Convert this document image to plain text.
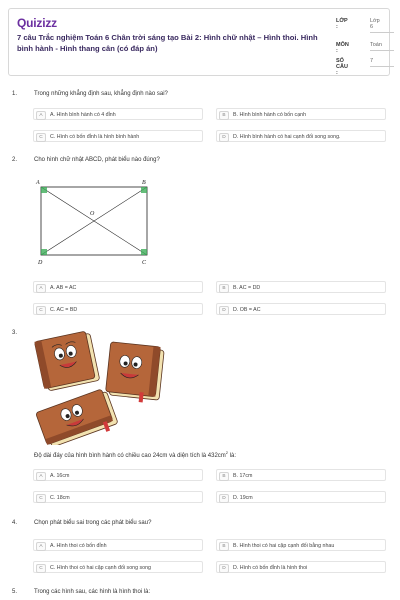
Quizizz
7 câu Trắc nghiệm Toán 6 Chân trời sáng tạo Bài 2: Hình chữ nhật – Hình thoi. Hình bình hành - Hình thang cân (có đáp án)
LỚP :
Lớp
6
MÔN :
Toán
SỐ CÂU :
7
1.	Trong những khẳng định sau, khẳng định nào sai?
A	A. Hình bình hành có 4 đỉnh	B	B. Hình bình hành có bốn cạnh
C	C. Hình có bốn đỉnh là hình bình hành	D	D. Hình bình hành có hai cạnh đối song song.
2.	Cho hình chữ nhật ABCD, phát biểu nào đúng?
A	B
C
D
O
A	A. AB = AC	B	B. AC = DD
C	C. AC = BD	D	D. OB = AC
3.
Độ dài đáy của hình bình hành có chiều cao 24cm và diện tích là $432cm^2$ là:
A	A. 16cm	B	B. 17cm
C	C. 18cm	D	D. 19cm
4.	Chọn phát biểu sai trong các phát biểu sau?
A	A. Hình thoi có bốn đỉnh	B	B. Hình thoi có hai cặp cạnh đối bằng nhau
C	C. Hình thoi có hai cặp cạnh đối song song	D	D. Hình có bốn đỉnh là hình thoi
5.	Trong các hình sau, các hình là hình thoi là:
